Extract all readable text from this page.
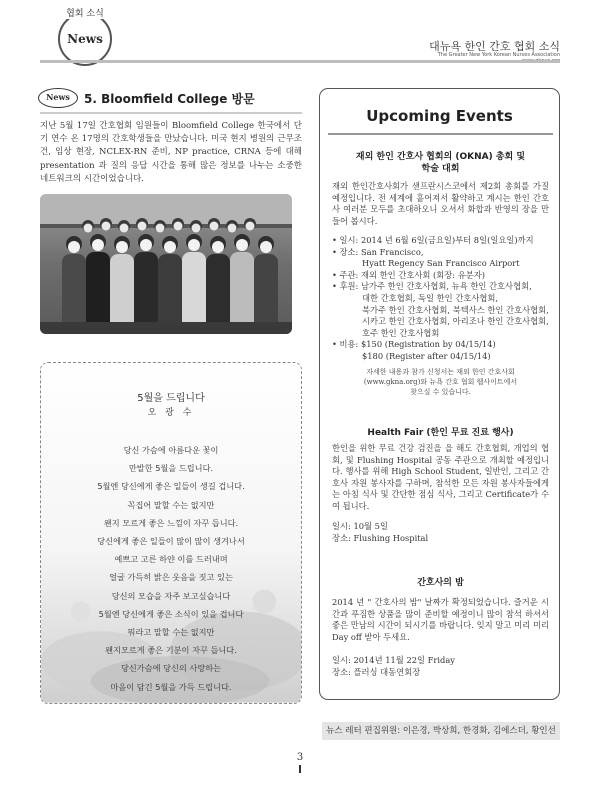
협회 소식
News
대뉴욕 한인 간호 협회 소식
The Greater New York Korean Nurses Association
News	5. Bloomfield College 방문
지난 5월 17일 간호협회 임원들이 Bloomfield College 한국에서 단기 연수 온 17명의 간호학생들을 만났습니다. 미국 현지 병원의 근무조건, 임상 현장, NCLEX-RN 준비, NP practice, CRNA 등에 대해 presentation 과 질의 응답 시간을 통해 많은 정보를 나누는 소중한 네트워크의 시간이었습니다.
5월을 드립니다
오 광 수
당신 가슴에 아름다운 꽃이
만발한 5월을 드립니다.
5월엔 당신에게 좋은 일들이 생길 겁니다.
꼭집어 말할 수는 없지만
왠지 모르게 좋은 느낌이 자꾸 듭니다.
당신에게 좋은 일들이 많이 많이 생겨나서
예쁘고 고른 하얀 이를 드러내며
얼굴 가득히 밝은 웃음을 짓고 있는
당신의 모습을 자주 보고싶습니다
5월엔 당신에게 좋은 소식이 있을 겁니다
뭐라고 말할 수는 없지만
왠지모르게 좋은 기분이 자꾸 듭니다.
당신가슴에 당신의 사랑하는
마음이 담긴 5월을 가득 드립니다.
Upcoming Events
재외 한인 간호사 협회의 (OKNA) 총회 및
학술 대회
재외 한인간호사회가 샌프란시스코에서 제2회 총회를 가질 예정입니다. 전 세계에 흩어져서 활약하고 계시는 한인 간호사 여러분 모두를 초대하오니 오셔서 화합과 반영의 장을 만들어 봅시다.
• 일시: 2014 년 6월 6일(금요일)부터 8일(일요일)까지
• 장소: San Francisco,
Hyatt Regency San Francisco Airport
• 주관: 재외 한인 간호사회 (회장: 유분자)
• 후원: 남가주 한인 간호사협회, 뉴욕 한인 간호사협회,
대한 간호협회, 독일 한인 간호사협회,
북가주 한인 간호사협회, 북텍사스 한인 간호사협회,
시카고 한인 간호사협회, 아리조나 한인 간호사협회,
호주 한인 간호사협회
• 비용: $150 (Registration by 04/15/14)
$180 (Register after 04/15/14)
자세한 내용과 참가 신청서는 재외 한인 간호사회
(www.gkna.org)와 뉴욕 간호 협회 웹사이트에서
찾으실 수 있습니다.
Health Fair (한인 무료 진료 행사)
한인을 위한 무료 건강 검진을 을 해도 간호협회, 개업의 협회, 및 Flushing Hospital 공동 주관으로 개최할 예정입니다. 행사를 위해 High School Student, 일반인, 그리고 간호사 자원 봉사자를 구하며, 참석한 모든 자원 봉사자들에게는 아침 식사 및 간단한 점심 식사, 그리고 Certificate가 수여 됩니다.
일시: 10월 5일
장소: Flushing Hospital
간호사의 밤
2014 년 " 간호사의 밤" 날짜가 확정되었습니다. 즐거운 시간과 푸짐한 상품을 많이 준비할 예정이니 많이 참석 하셔서 좋은 만남의 시간이 되시기를 바랍니다. 잊지 말고 미리 미리 Day off 받아 두세요.
일시: 2014년 11월 22일 Friday
장소: 플러싱 대동연회장
뉴스 레터 편집위원: 이은경, 박상희, 한경화, 김에스더, 황인선
3
